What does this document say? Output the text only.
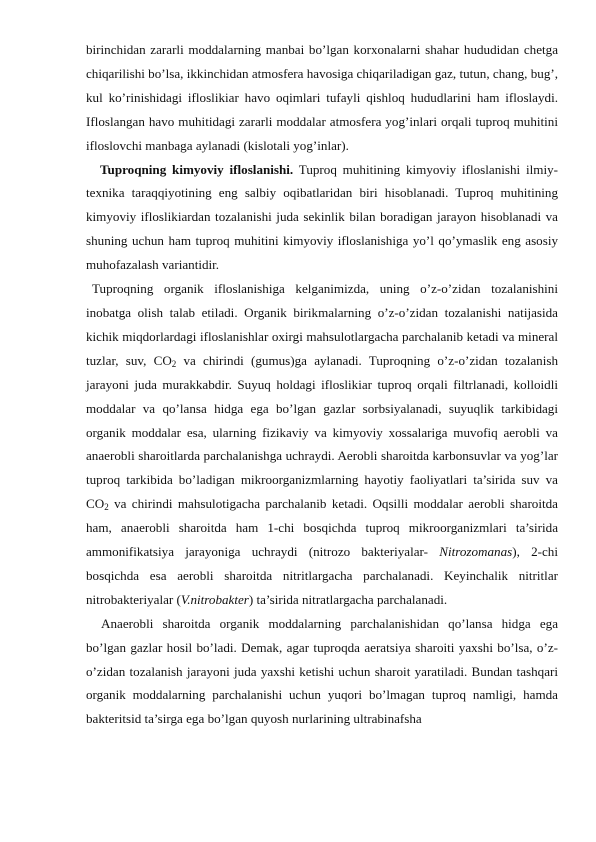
birinchidan zararli moddalarning manbai bo’lgan korxonalarni shahar hududidan chetga chiqarilishi bo’lsa, ikkinchidan atmosfera havosiga chiqariladigan gaz, tutun, chang, bug’, kul ko’rinishidagi ifloslikiar havo oqimlari tufayli qishloq hududlarini ham ifloslaydi. Ifloslangan havo muhitidagi zararli moddalar atmosfera yog’inlari orqali tuproq muhitini ifloslovchi manbaga aylanadi (kislotali yog’inlar).

Tuproqning kimyoviy ifloslanishi. Tuproq muhitining kimyoviy ifloslanishi ilmiy-texnika taraqqiyotining eng salbiy oqibatlaridan biri hisoblanadi. Tuproq muhitining kimyoviy ifloslikiardan tozalanishi juda sekinlik bilan boradigan jarayon hisoblanadi va shuning uchun ham tuproq muhitini kimyoviy ifloslanishiga yo’l qo’ymaslik eng asosiy muhofazalash variantidir.

Tuproqning organik ifloslanishiga kelganimizda, uning o’z-o’zidan tozalanishini inobatga olish talab etiladi. Organik birikmalarning o’z-o’zidan tozalanishi natijasida kichik miqdorlardagi ifloslanishlar oxirgi mahsulotlargacha parchalanib ketadi va mineral tuzlar, suv, $CO_2$ va chirindi (gumus)ga aylanadi. Tuproqning o’z-o’zidan tozalanish jarayoni juda murakkabdir. Suyuq holdagi ifloslikiar tuproq orqali filtrlanadi, kolloidli moddalar va qo’lansa hidga ega bo’lgan gazlar sorbsiyalanadi, suyuqlik tarkibidagi organik moddalar esa, ularning fizikaviy va kimyoviy xossalariga muvofiq aerobli va anaerobli sharoitlarda parchalanishga uchraydi. Aerobli sharoitda karbonsuvlar va yog’lar tuproq tarkibida bo’ladigan mikroorganizmlarning hayotiy faoliyatlari ta’sirida suv va $CO_2$ va chirindi mahsulotigacha parchalanib ketadi. Oqsilli moddalar aerobli sharoitda ham, anaerobli sharoitda ham 1-chi bosqichda tuproq mikroorganizmlari ta’sirida ammonifikatsiya jarayoniga uchraydi (nitrozo bakteriyalar- Nitrozomanas), 2-chi bosqichda esa aerobli sharoitda nitritlargacha parchalanadi. Keyinchalik nitritlar nitrobakteriyalar (V.nitrobakter) ta’sirida nitratlargacha parchalanadi.

Anaerobli sharoitda organik moddalarning parchalanishidan qo’lansa hidga ega bo’lgan gazlar hosil bo’ladi. Demak, agar tuproqda aeratsiya sharoiti yaxshi bo’lsa, o’z-o’zidan tozalanish jarayoni juda yaxshi ketishi uchun sharoit yaratiladi. Bundan tashqari organik moddalarning parchalanishi uchun yuqori bo’lmagan tuproq namligi, hamda bakteritsid ta’sirga ega bo’lgan quyosh nurlarining ultrabinafsha
